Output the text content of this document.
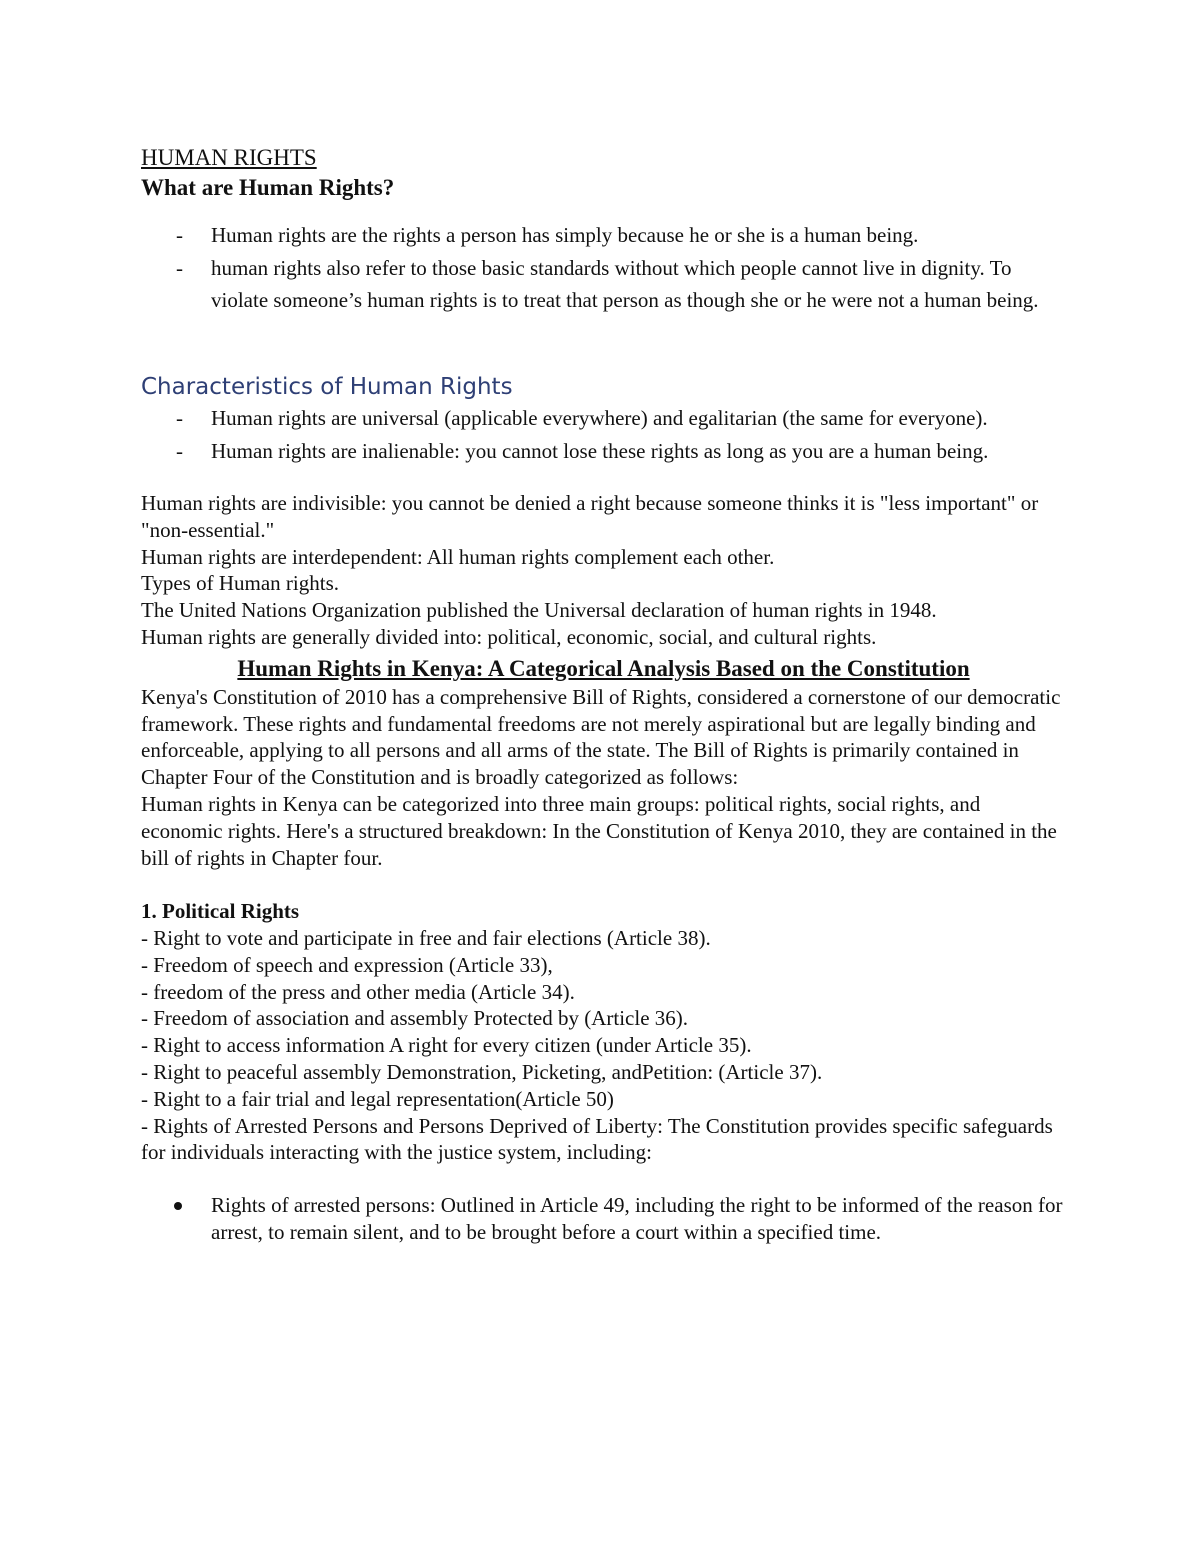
HUMAN RIGHTS
What are Human Rights?
- Human rights are the rights a person has simply because he or she is a human being.
- human rights also refer to those basic standards without which people cannot live in dignity. To violate someone’s human rights is to treat that person as though she or he were not a human being.
Characteristics of Human Rights
- Human rights are universal (applicable everywhere) and egalitarian (the same for everyone).
- Human rights are inalienable: you cannot lose these rights as long as you are a human being.

Human rights are indivisible: you cannot be denied a right because someone thinks it is "less important" or "non-essential."

Human rights are interdependent: All human rights complement each other.

Types of Human rights.

The United Nations Organization published the Universal declaration of human rights in 1948.

Human rights are generally divided into: political, economic, social, and cultural rights.

Human Rights in Kenya: A Categorical Analysis Based on the Constitution

Kenya's Constitution of 2010 has a comprehensive Bill of Rights, considered a cornerstone of our democratic framework. These rights and fundamental freedoms are not merely aspirational but are legally binding and enforceable, applying to all persons and all arms of the state. The Bill of Rights is primarily contained in Chapter Four of the Constitution and is broadly categorized as follows:

Human rights in Kenya can be categorized into three main groups: political rights, social rights, and economic rights. Here's a structured breakdown: In the Constitution of Kenya 2010, they are contained in the bill of rights in Chapter four.

1. Political Rights

- Right to vote and participate in free and fair elections (Article 38).

- Freedom of speech and expression (Article 33),

- freedom of the press and other media (Article 34).

- Freedom of association and assembly Protected by (Article 36).

- Right to access information A right for every citizen (under Article 35).

- Right to peaceful assembly Demonstration, Picketing, andPetition: (Article 37).

- Right to a fair trial and legal representation(Article 50)

- Rights of Arrested Persons and Persons Deprived of Liberty: The Constitution provides specific safeguards for individuals interacting with the justice system, including:

Rights of arrested persons: Outlined in Article 49, including the right to be informed of the reason for arrest, to remain silent, and to be brought before a court within a specified time.
